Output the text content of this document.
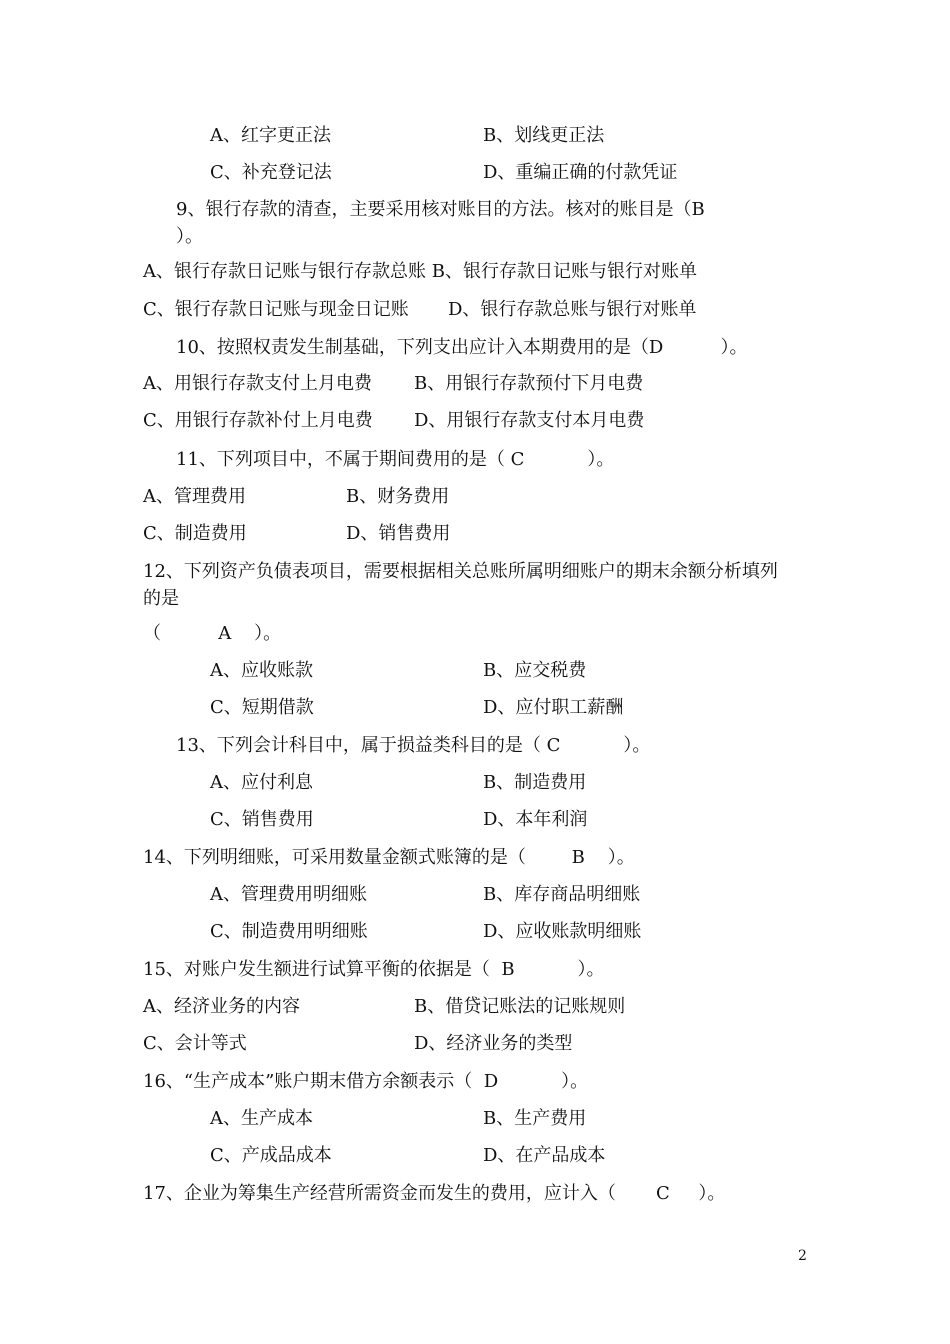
A、红字更正法	B、划线更正法
C、补充登记法	D、重编正确的付款凭证
9、银行存款的清查，主要采用核对账目的方法。核对的账目是（B
）。
A、银行存款日记账与银行存款总账 B、银行存款日记账与银行对账单
C、银行存款日记账与现金日记账 D、银行存款总账与银行对账单
10、按照权责发生制基础，下列支出应计入本期费用的是（D          ）。
A、用银行存款支付上月电费 B、用银行存款预付下月电费
C、用银行存款补付上月电费 D、用银行存款支付本月电费
11、下列项目中，不属于期间费用的是（ C           ）。
A、管理费用	B、财务费用
C、制造费用	D、销售费用
12、下列资产负债表项目，需要根据相关总账所属明细账户的期末余额分析填列
的是
（          A    ）。
A、应收账款	B、应交税费
C、短期借款	D、应付职工薪酬
13、下列会计科目中，属于损益类科目的是（ C           ）。
A、应付利息	B、制造费用
C、销售费用	D、本年利润
14、下列明细账，可采用数量金额式账簿的是（        B    ）。
A、管理费用明细账	B、库存商品明细账
C、制造费用明细账	D、应收账款明细账
15、对账户发生额进行试算平衡的依据是（  B           ）。
A、经济业务的内容	B、借贷记账法的记账规则
C、会计等式	D、经济业务的类型
16、“生产成本”账户期末借方余额表示（  D           ）。
A、生产成本	B、生产费用
C、产成品成本	D、在产品成本
17、企业为筹集生产经营所需资金而发生的费用，应计入（       C     ）。
2
